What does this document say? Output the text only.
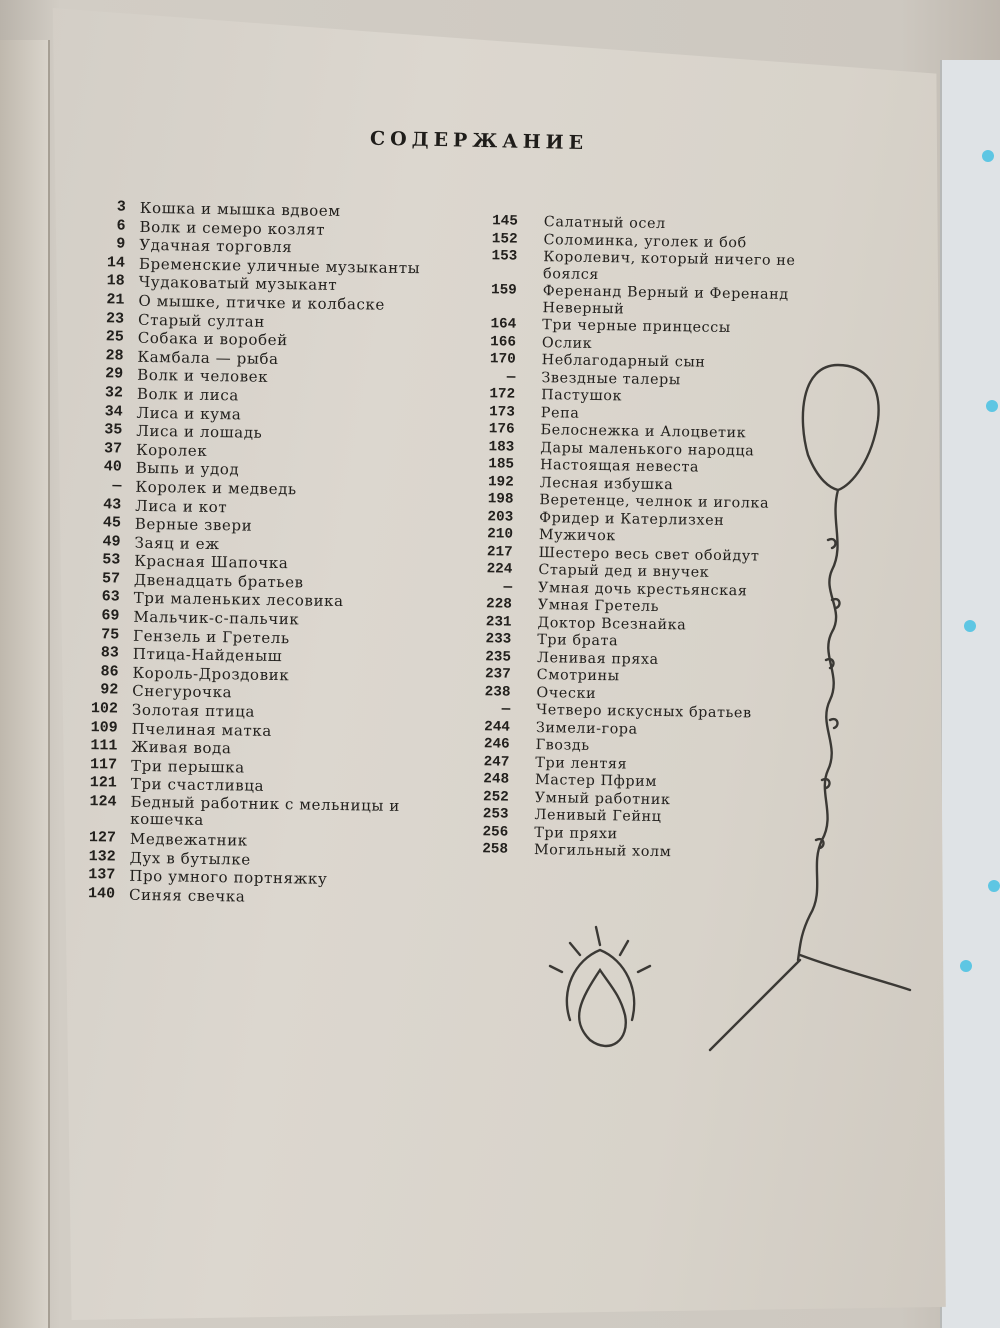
СОДЕРЖАНИЕ
3 Кошка и мышка вдвоем
6 Волк и семеро козлят
9 Удачная торговля
14 Бременские уличные музыканты
18 Чудаковатый музыкант
21 О мышке, птичке и колбаске
23 Старый султан
25 Собака и воробей
28 Камбала — рыба
29 Волк и человек
32 Волк и лиса
34 Лиса и кума
35 Лиса и лошадь
37 Королек
40 Выпь и удод
— Королек и медведь
43 Лиса и кот
45 Верные звери
49 Заяц и еж
53 Красная Шапочка
57 Двенадцать братьев
63 Три маленьких лесовика
69 Мальчик-с-пальчик
75 Гензель и Гретель
83 Птица-Найденыш
86 Король-Дроздовик
92 Снегурочка
102 Золотая птица
109 Пчелиная матка
111 Живая вода
117 Три перышка
121 Три счастливца
124 Бедный работник с мельницы и кошечка
127 Медвежатник
132 Дух в бутылке
137 Про умного портняжку
140 Синяя свечка
145 Салатный осел
152 Соломинка, уголек и боб
153 Королевич, который ничего не боялся
159 Ференанд Верный и Ференанд Неверный
164 Три черные принцессы
166 Ослик
170 Неблагодарный сын
— Звездные талеры
172 Пастушок
173 Репа
176 Белоснежка и Алоцветик
183 Дары маленького народца
185 Настоящая невеста
192 Лесная избушка
198 Веретенце, челнок и иголка
203 Фридер и Катерлизхен
210 Мужичок
217 Шестеро весь свет обойдут
224 Старый дед и внучек
— Умная дочь крестьянская
228 Умная Гретель
231 Доктор Всезнайка
233 Три брата
235 Ленивая пряха
237 Смотрины
238 Очески
— Четверо искусных братьев
244 Зимели-гора
246 Гвоздь
247 Три лентяя
248 Мастер Пфрим
252 Умный работник
253 Ленивый Гейнц
256 Три пряхи
258 Могильный холм
